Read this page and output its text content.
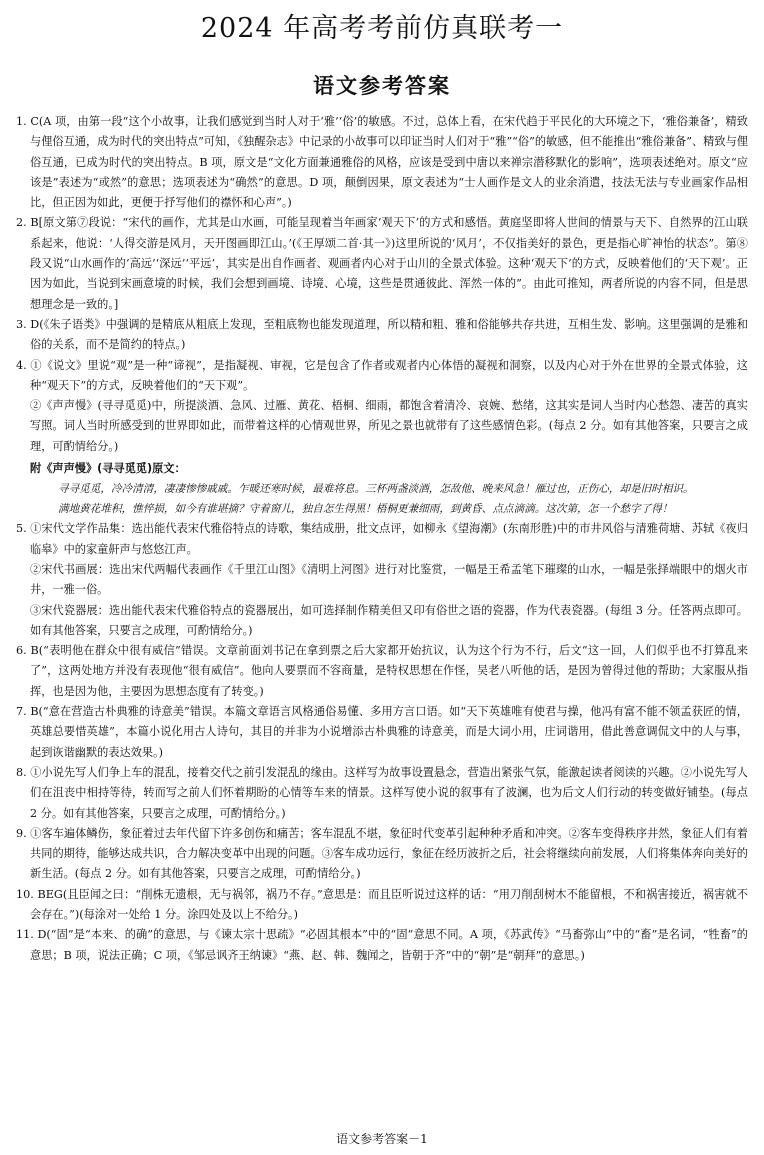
2024 年高考考前仿真联考一
语文参考答案

1. C(A 项，由第一段“这个小故事，让我们感觉到当时人对于‘雅’‘俗’的敏感。不过，总体上看，在宋代趋于平民化的大环境之下，‘雅俗兼备’，精致与俚俗互通，成为时代的突出特点”可知，《独醒杂志》中记录的小故事可以印证当时人们对于“雅”“俗”的敏感，但不能推出“雅俗兼备”、精致与俚俗互通，已成为时代的突出特点。B 项，原文是“文化方面兼通雅俗的风格，应该是受到中唐以来禅宗潜移默化的影响”，选项表述绝对。原文“应该是”表述为“或然”的意思；选项表述为“确然”的意思。D 项，颠倒因果，原文表述为“士人画作是文人的业余消遣，技法无法与专业画家作品相比，但正因为如此，更便于抒写他们的襟怀和心声”。)

2. B[原文第⑦段说：“宋代的画作，尤其是山水画，可能呈现着当年画家‘观天下’的方式和感悟。黄庭坚即将人世间的情景与天下、自然界的江山联系起来，他说：‘人得交游是风月，天开图画即江山。’(《王厚颂二首·其一》)这里所说的‘风月’，不仅指美好的景色，更是指心旷神怡的状态”。第⑧段又说“山水画作的‘高远’‘深远’‘平远’，其实是出自作画者、观画者内心对于山川的全景式体验。这种‘观天下’的方式，反映着他们的‘天下观’。正因为如此，当说到宋画意境的时候，我们会想到画境、诗境、心境，这些是贯通彼此、浑然一体的”。由此可推知，两者所说的内容不同，但是思想理念是一致的。]

3. D(《朱子语类》中强调的是精底从粗底上发现，至粗底物也能发现道理，所以精和粗、雅和俗能够共存共进，互相生发、影响。这里强调的是雅和俗的关系，而不是简约的特点。)

4. ①《说文》里说“观”是一种“谛视”，是指凝视、审视，它是包含了作者或观者内心体悟的凝视和洞察，以及内心对于外在世界的全景式体验，这种“观天下”的方式，反映着他们的“天下观”。

②《声声慢》(寻寻觅觅)中，所提淡酒、急风、过雁、黄花、梧桐、细雨，都饱含着清冷、哀婉、愁绪，这其实是词人当时内心愁怨、凄苦的真实写照。词人当时所感受到的世界即如此，而带着这样的心情观世界，所见之景也就带有了这些感情色彩。(每点 2 分。如有其他答案，只要言之成理，可酌情给分。)

附《声声慢》(寻寻觅觅)原文：

寻寻觅觅，冷冷清清，凄凄惨惨戚戚。乍暖还寒时候，最难将息。三杯两盏淡酒，怎敌他、晚来风急！雁过也，正伤心，却是旧时相识。

满地黄花堆积，憔悴损，如今有谁堪摘？守着窗儿，独自怎生得黑！梧桐更兼细雨，到黄昏、点点滴滴。这次第，怎一个愁字了得！

5. ①宋代文学作品集：选出能代表宋代雅俗特点的诗歌，集结成册，批文点评，如柳永《望海潮》(东南形胜)中的市井风俗与清雅荷塘、苏轼《夜归临皋》中的家童鼾声与悠悠江声。

②宋代书画展：选出宋代两幅代表画作《千里江山图》《清明上河图》进行对比鉴赏，一幅是王希孟笔下璀璨的山水，一幅是张择端眼中的烟火市井，一雅一俗。

③宋代瓷器展：选出能代表宋代雅俗特点的瓷器展出，如可选择制作精美但又印有俗世之语的瓷器，作为代表瓷器。(每组 3 分。任答两点即可。如有其他答案，只要言之成理，可酌情给分。)

6. B(“表明他在群众中很有威信”错误。文章前面刘书记在拿到票之后大家都开始抗议，认为这个行为不行，后文“这一回，人们似乎也不打算乱来了”，这两处地方并没有表现他“很有威信”。他向人要票而不容商量，是特权思想在作怪，吴老八听他的话，是因为曾得过他的帮助；大家服从指挥，也是因为他，主要因为思想态度有了转变。)

7. B(“意在营造古朴典雅的诗意美”错误。本篇文章语言风格通俗易懂、多用方言口语。如“天下英雄唯有使君与操，他冯有富不能不领孟获匠的情，英雄总要惜英雄”，本篇小说化用古人诗句，其目的并非为小说增添古朴典雅的诗意美，而是大词小用，庄词谐用，借此善意调侃文中的人与事，起到诙谐幽默的表达效果。)

8. ①小说先写人们争上车的混乱，接着交代之前引发混乱的缘由。这样写为故事设置悬念，营造出紧张气氛，能激起读者阅读的兴趣。②小说先写人们在沮丧中相持等待，转而写之前人们怀着期盼的心情等车来的情景。这样写使小说的叙事有了波澜，也为后文人们行动的转变做好铺垫。(每点 2 分。如有其他答案，只要言之成理，可酌情给分。)

9. ①客车遍体鳞伤，象征着过去年代留下许多创伤和痛苦；客车混乱不堪，象征时代变革引起种种矛盾和冲突。②客车变得秩序井然，象征人们有着共同的期待，能够达成共识，合力解决变革中出现的问题。③客车成功远行，象征在经历波折之后，社会将继续向前发展，人们将集体奔向美好的新生活。(每点 2 分。如有其他答案，只要言之成理，可酌情给分。)

10. BEG(且臣闻之曰：“削株无遗根，无与祸邻，祸乃不存。”意思是：而且臣听说过这样的话：“用刀削刮树木不能留根，不和祸害接近，祸害就不会存在。”)(每涂对一处给 1 分。涂四处及以上不给分。)

11. D(“固”是“本来、的确”的意思，与《谏太宗十思疏》“必固其根本”中的“固”意思不同。A 项，《苏武传》“马畜弥山”中的“畜”是名词，“牲畜”的意思；B 项，说法正确；C 项，《邹忌讽齐王纳谏》“燕、赵、韩、魏闻之，皆朝于齐”中的“朝”是“朝拜”的意思。)

语文参考答案－1
